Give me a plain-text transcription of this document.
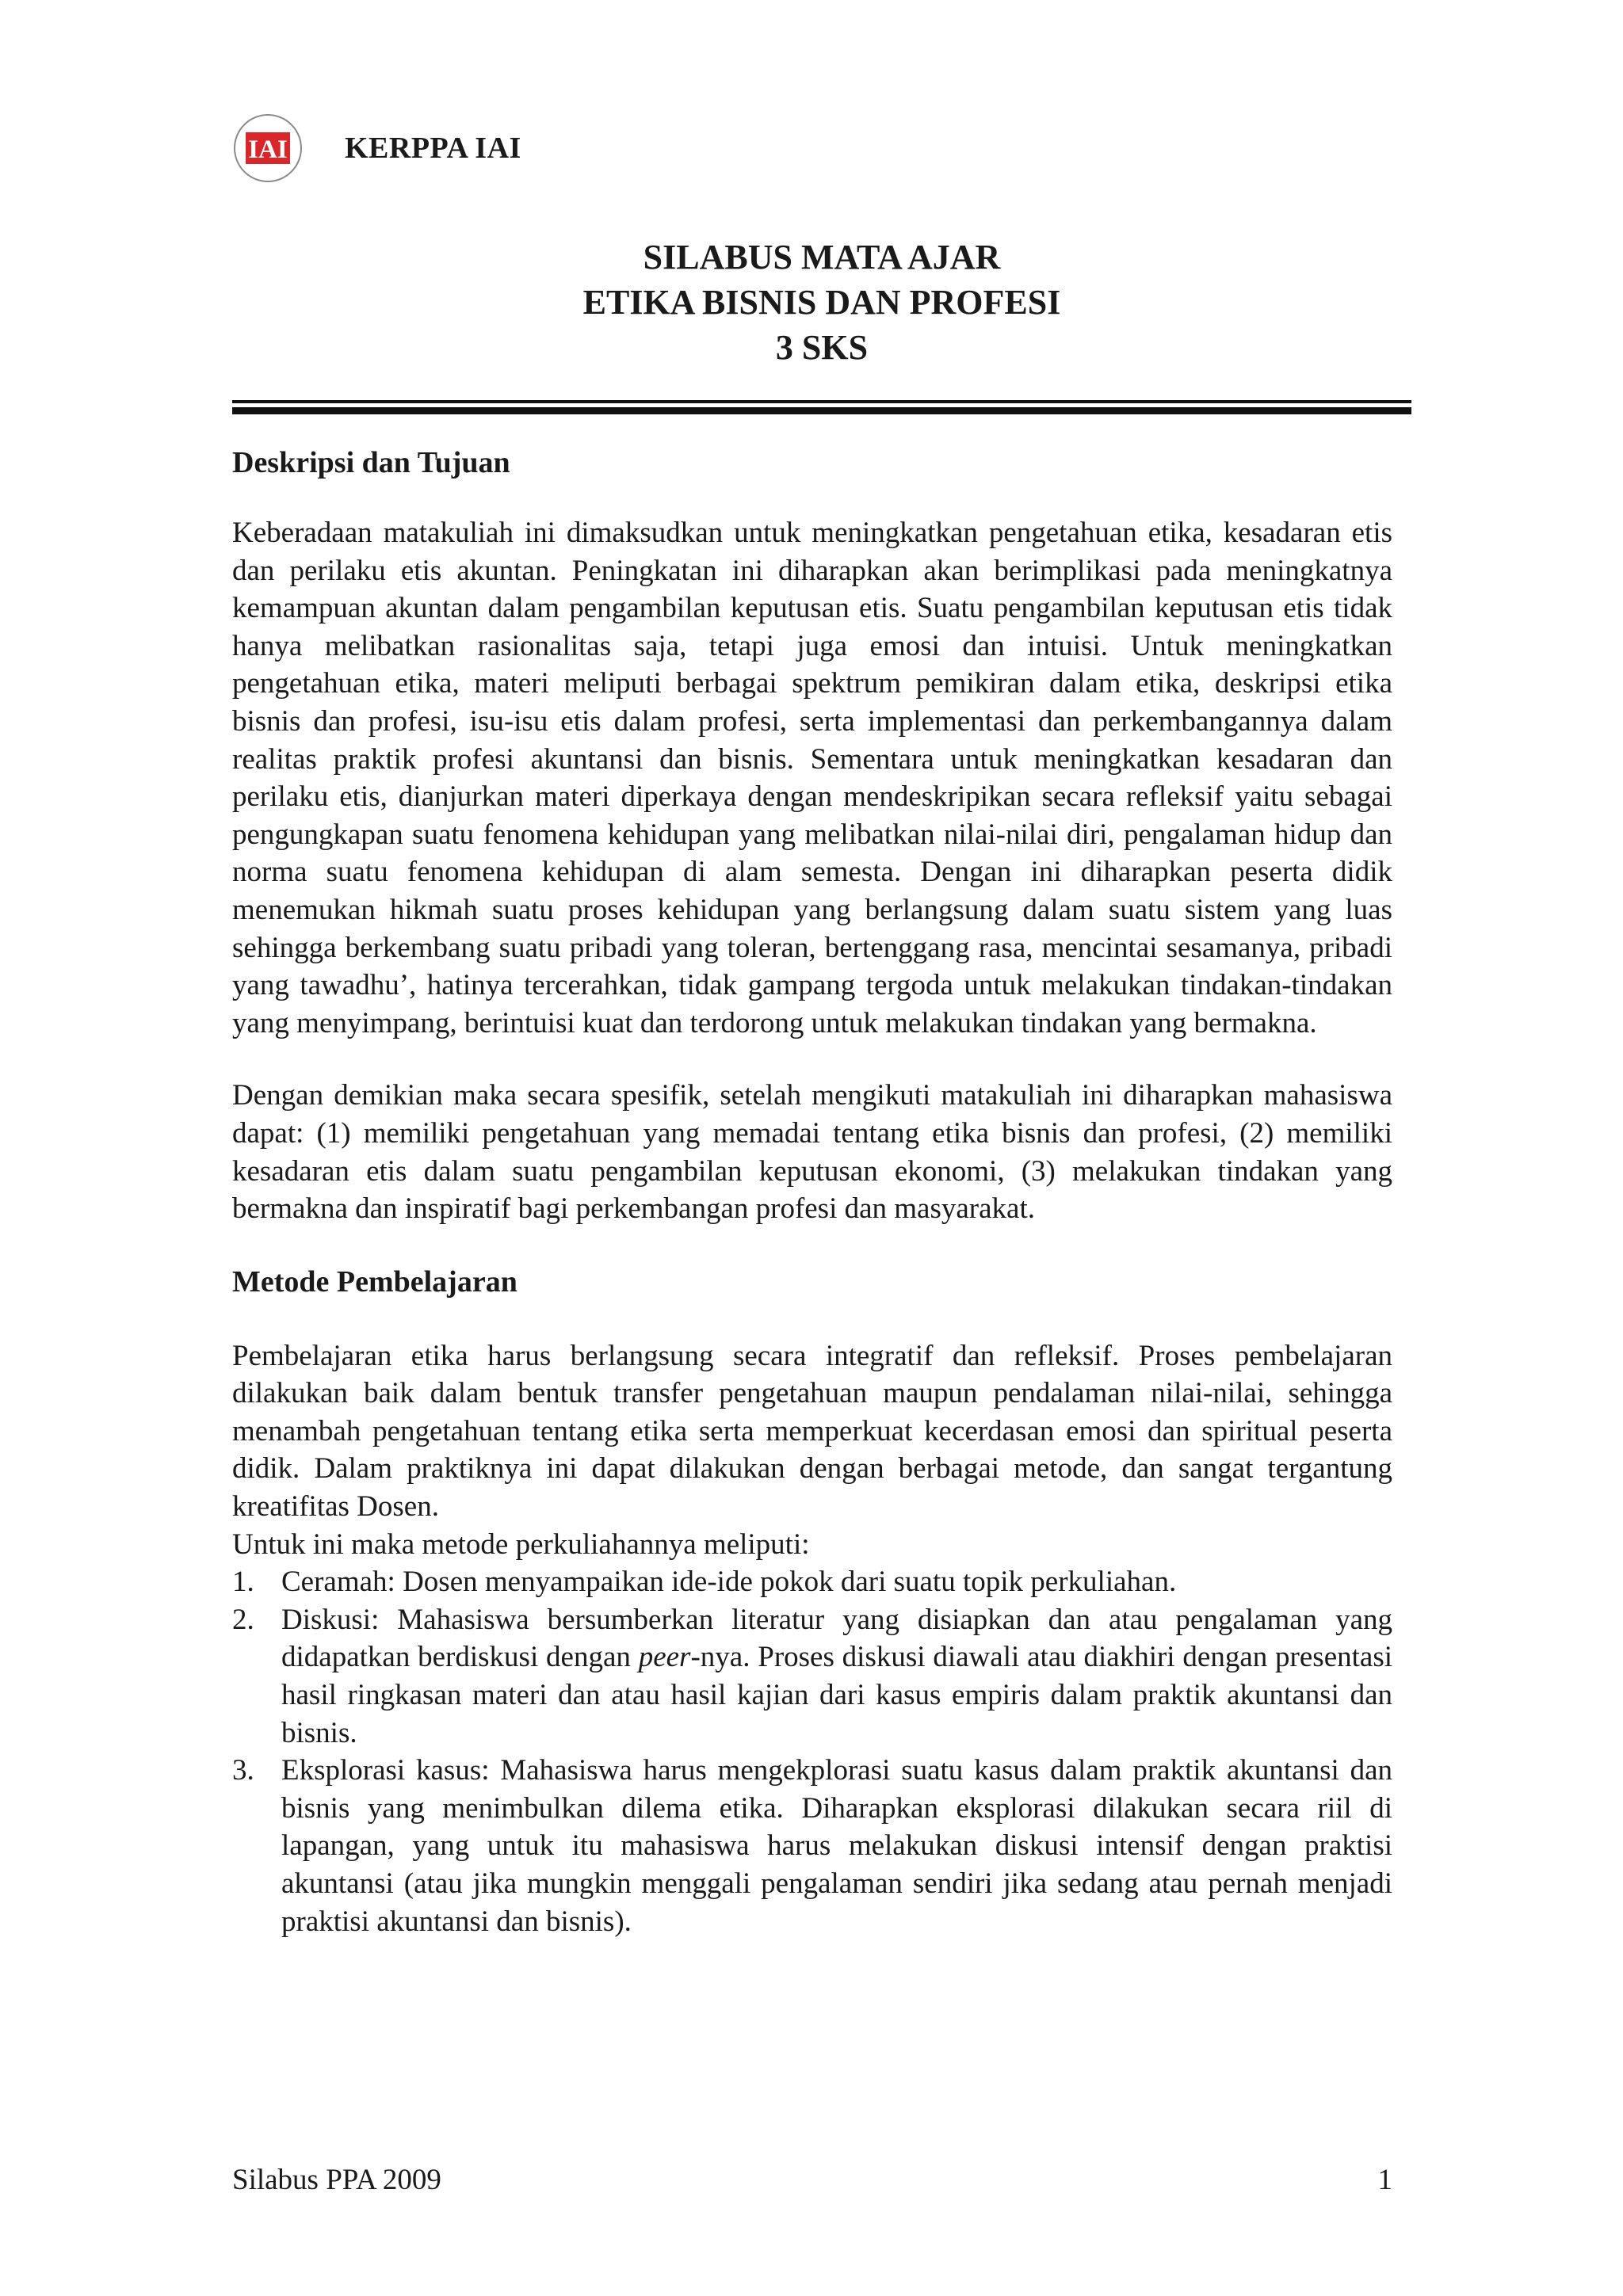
IAI KERPPA IAI
SILABUS MATA AJAR
ETIKA BISNIS DAN PROFESI
3 SKS
Deskripsi dan Tujuan

Keberadaan matakuliah ini dimaksudkan untuk meningkatkan pengetahuan etika, kesadaran etis dan perilaku etis akuntan. Peningkatan ini diharapkan akan berimplikasi pada meningkatnya kemampuan akuntan dalam pengambilan keputusan etis. Suatu pengambilan keputusan etis tidak hanya melibatkan rasionalitas saja, tetapi juga emosi dan intuisi. Untuk meningkatkan pengetahuan etika, materi meliputi berbagai spektrum pemikiran dalam etika, deskripsi etika bisnis dan profesi, isu-isu etis dalam profesi, serta implementasi dan perkembangannya dalam realitas praktik profesi akuntansi dan bisnis. Sementara untuk meningkatkan kesadaran dan perilaku etis, dianjurkan materi diperkaya dengan mendeskripikan secara refleksif yaitu sebagai pengungkapan suatu fenomena kehidupan yang melibatkan nilai-nilai diri, pengalaman hidup dan norma suatu fenomena kehidupan di alam semesta. Dengan ini diharapkan peserta didik menemukan hikmah suatu proses kehidupan yang berlangsung dalam suatu sistem yang luas sehingga berkembang suatu pribadi yang toleran, bertenggang rasa, mencintai sesamanya, pribadi yang tawadhu’, hatinya tercerahkan, tidak gampang tergoda untuk melakukan tindakan-tindakan yang menyimpang, berintuisi kuat dan terdorong untuk melakukan tindakan yang bermakna.

Dengan demikian maka secara spesifik, setelah mengikuti matakuliah ini diharapkan mahasiswa dapat: (1) memiliki pengetahuan yang memadai tentang etika bisnis dan profesi, (2) memiliki kesadaran etis dalam suatu pengambilan keputusan ekonomi, (3) melakukan tindakan yang bermakna dan inspiratif bagi perkembangan profesi dan masyarakat.

Metode Pembelajaran

Pembelajaran etika harus berlangsung secara integratif dan refleksif. Proses pembelajaran dilakukan baik dalam bentuk transfer pengetahuan maupun pendalaman nilai-nilai, sehingga menambah pengetahuan tentang etika serta memperkuat kecerdasan emosi dan spiritual peserta didik. Dalam praktiknya ini dapat dilakukan dengan berbagai metode, dan sangat tergantung kreatifitas Dosen.

Untuk ini maka metode perkuliahannya meliputi:

1. Ceramah: Dosen menyampaikan ide-ide pokok dari suatu topik perkuliahan.
2. Diskusi: Mahasiswa bersumberkan literatur yang disiapkan dan atau pengalaman yang didapatkan berdiskusi dengan peer-nya. Proses diskusi diawali atau diakhiri dengan presentasi hasil ringkasan materi dan atau hasil kajian dari kasus empiris dalam praktik akuntansi dan bisnis.
3. Eksplorasi kasus: Mahasiswa harus mengekplorasi suatu kasus dalam praktik akuntansi dan bisnis yang menimbulkan dilema etika. Diharapkan eksplorasi dilakukan secara riil di lapangan, yang untuk itu mahasiswa harus melakukan diskusi intensif dengan praktisi akuntansi (atau jika mungkin menggali pengalaman sendiri jika sedang atau pernah menjadi praktisi akuntansi dan bisnis).
Silabus PPA 2009	1
